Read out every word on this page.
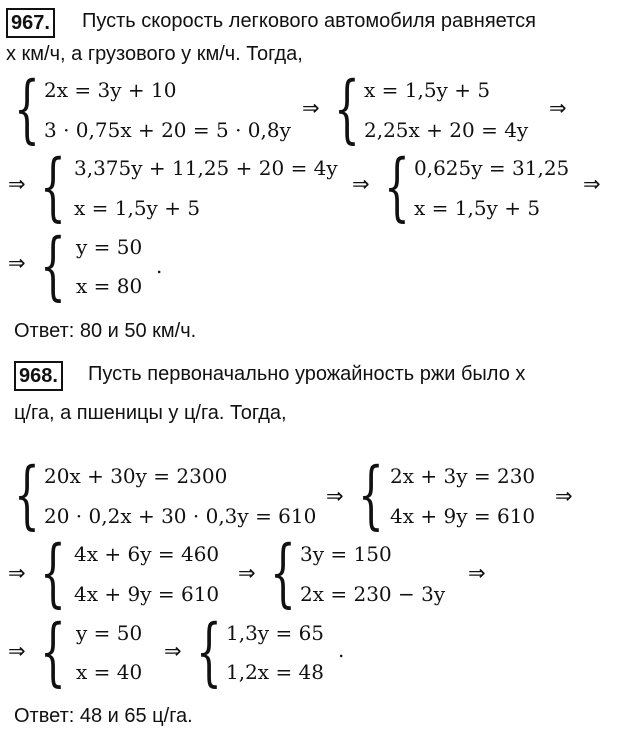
967. Пусть скорость легкового автомобиля равняется
x км/ч, а грузового y км/ч. Тогда,
{ 2x = 3y + 10
3 · 0,75x + 20 = 5 · 0,8y
⇒ { x = 1,5y + 5
2,25x + 20 = 4y
⇒
⇒ { 3,375y + 11,25 + 20 = 4y
x = 1,5y + 5
⇒ { 0,625y = 31,25
x = 1,5y + 5
⇒
⇒ { y = 50
x = 80
.
Ответ: 80 и 50 км/ч.
968. Пусть первоначально урожайность ржи было x
ц/га, а пшеницы y ц/га. Тогда,
{ 20x + 30y = 2300
20 · 0,2x + 30 · 0,3y = 610
⇒ { 2x + 3y = 230
4x + 9y = 610
⇒
⇒ { 4x + 6y = 460
4x + 9y = 610
⇒ { 3y = 150
2x = 230 − 3y
⇒
⇒ { y = 50
x = 40
⇒ { 1,3y = 65
1,2x = 48
.
Ответ: 48 и 65 ц/га.
